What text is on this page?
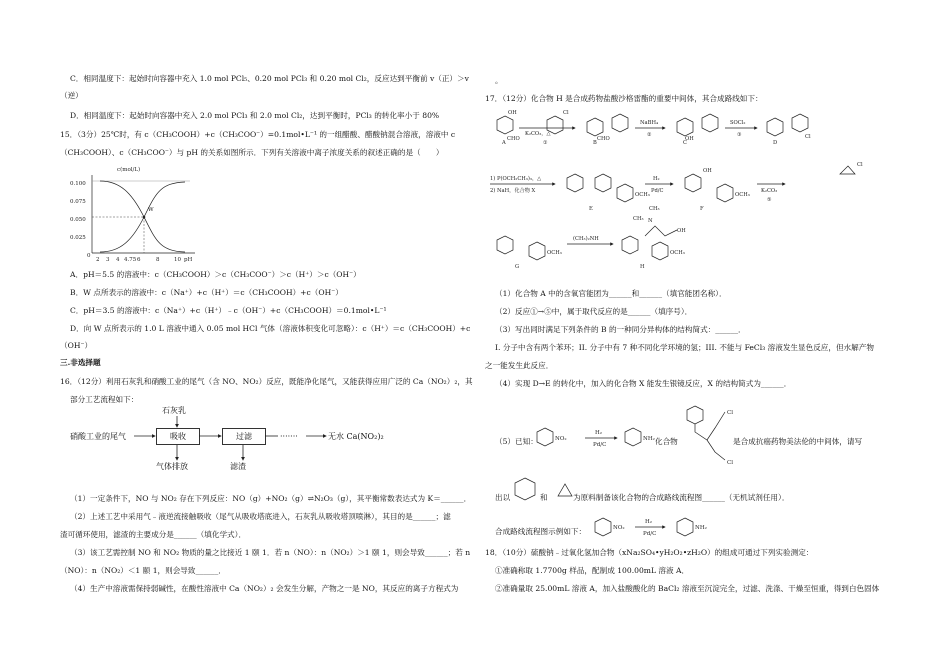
C．相同温度下：起始时向容器中充入 1.0 mol PCl₅、0.20 mol PCl₃ 和 0.20 mol Cl₂，反应达到平衡前 v（正）＞v
（逆）
D．相同温度下：起始时向容器中充入 2.0 mol PCl₃ 和 2.0 mol Cl₂，达到平衡时，PCl₃ 的转化率小于 80%
15．（3分）25℃时，有 c（CH₃COOH）+c（CH₃COO⁻）=0.1mol•L⁻¹ 的一组醋酸、醋酸钠混合溶液，溶液中 c
（CH₃COOH）、c（CH₃COO⁻）与 pH 的关系如图所示．下列有关溶液中离子浓度关系的叙述正确的是（　　）
c(mol/L)
0.100
0.075
0.050
0.025
0
2 3 4 4.75 6	8	10 pH
W
A．pH＝5.5 的溶液中：c（CH₃COOH）＞c（CH₃COO⁻）＞c（H⁺）＞c（OH⁻）
B．W 点所表示的溶液中：c（Na⁺）+c（H⁺）＝c（CH₃COOH）+c（OH⁻）
C．pH＝3.5 的溶液中：c（Na⁺）+c（H⁺）﹣c（OH⁻）+c（CH₃COOH）＝0.1mol•L⁻¹
D．向 W 点所表示的 1.0 L 溶液中通入 0.05 mol HCl 气体（溶液体积变化可忽略）：c（H⁺）＝c（CH₃COOH）+c
（OH⁻）
三.非选择题
16．（12分）利用石灰乳和硝酸工业的尾气（含 NO、NO₂）反应，既能净化尾气，又能获得应用广泛的 Ca（NO₂）₂，其
部分工艺流程如下：
硝酸工业的尾气
石灰乳
吸收	过滤
气体排放	滤渣
·······	无水 Ca(NO₂)₂
（1）一定条件下，NO 与 NO₂ 存在下列反应：NO（g）+NO₂（g）⇌N₂O₃（g），其平衡常数表达式为 K＝______．
（2）上述工艺中采用气﹣液逆流接触吸收（尾气从吸收塔底进入，石灰乳从吸收塔顶喷淋），其目的是______；滤
渣可循环使用，滤渣的主要成分是______（填化学式）．
（3）该工艺需控制 NO 和 NO₂ 物质的量之比接近 1 颐 1．若 n（NO）：n（NO₂）＞1 颐 1，则会导致______；若 n
（NO）：n（NO₂）＜1 颐 1，则会导致______．
（4）生产中溶液需保持弱碱性，在酸性溶液中 Ca（NO₂）₂ 会发生分解，产物之一是 NO，其反应的离子方程式为
。
17．（12分）化合物 H 是合成药物盐酸沙格雷酯的重要中间体，其合成路线如下：
A	B	C	D
E	F
G	H
OH
CHO	CHO	OH
Cl
Cl
K₂CO₃，△
①
NaBH₄
②
SOCl₂
③
1) P(OCH₂CH₃)₃，△
2) NaH，化合物 X
OCH₃
H₂
Pd/C
OH
OCH₃
Cl
K₂CO₃
⑤
OCH₃
(CH₃)₂NH
N
CH₃
CH₃
OH
OCH₃
（1）化合物 A 中的含氧官能团为______和______（填官能团名称）．
（2）反应①→⑤中，属于取代反应的是______（填序号）．
（3）写出同时满足下列条件的 B 的一种同分异构体的结构简式：______．
I. 分子中含有两个苯环；II. 分子中有 7 种不同化学环境的氢；III. 不能与 FeCl₃ 溶液发生显色反应，但水解产物
之一能发生此反应．
（4）实现 D→E 的转化中，加入的化合物 X 能发生银镜反应，X 的结构简式为______．
（5）已知：	NO₂
H₂
Pd/C
NH₂
Cl
Cl
化合物	是合成抗癌药物美法伦的中间体，请写
出以	和	为原料制备该化合物的合成路线流程图______（无机试剂任用）．
合成路线流程图示例如下：	NO₂
H₂
Pd/C
NH₂
18．（10分）硫酸钠﹣过氧化氢加合物（xNa₂SO₄•yH₂O₂•zH₂O）的组成可通过下列实验测定：
①准确称取 1.7700g 样品，配制成 100.00mL 溶液 A．
②准确量取 25.00mL 溶液 A，加入盐酸酸化的 BaCl₂ 溶液至沉淀完全，过滤、洗涤、干燥至恒重，得到白色固体
